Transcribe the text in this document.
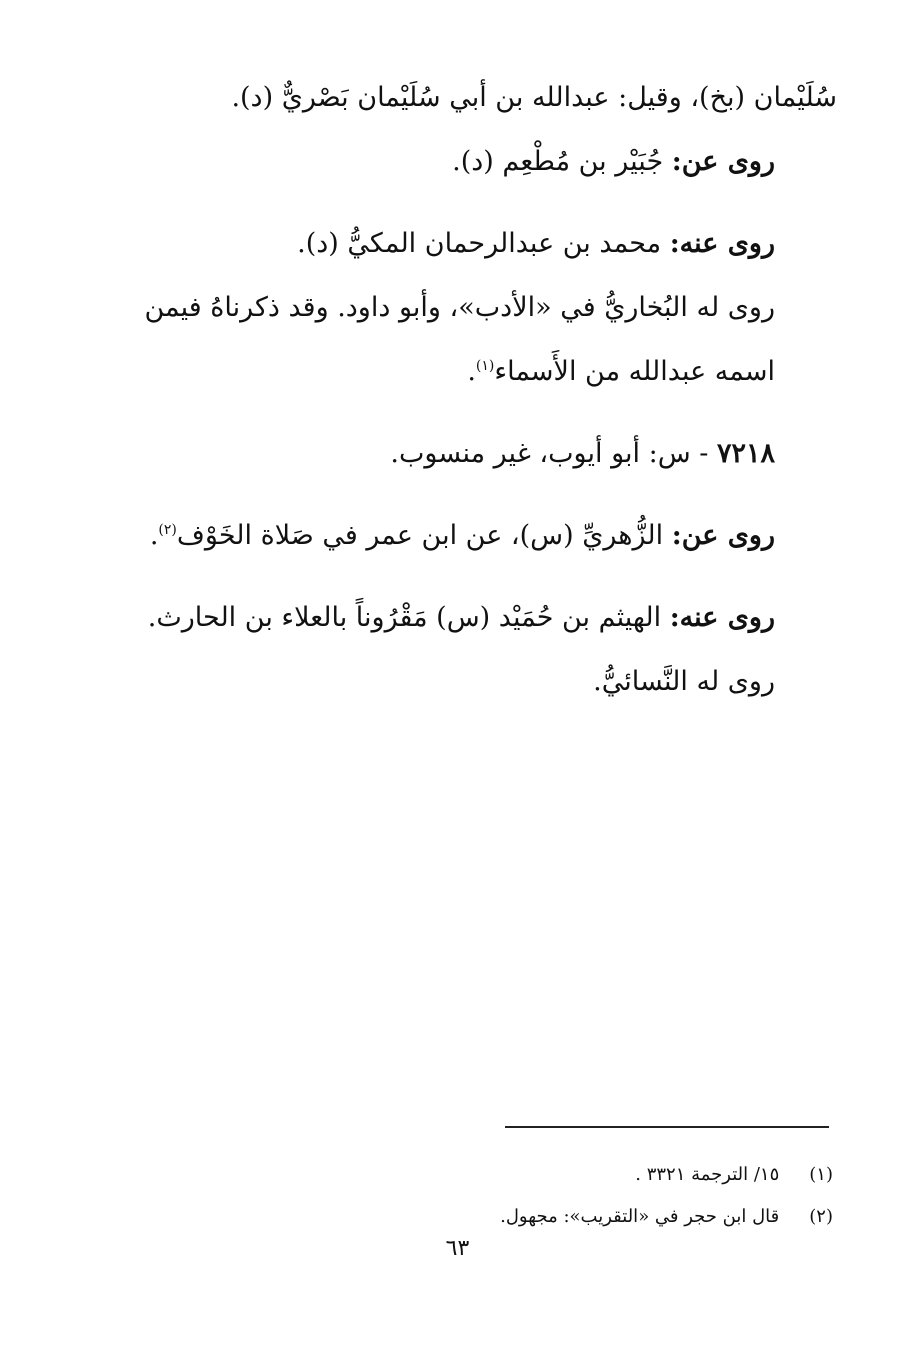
سُلَيْمان (بخ)، وقيل: عبدالله بن أبي سُلَيْمان بَصْريٌّ (د).
روى عن: جُبَيْر بن مُطْعِم (د).
روى عنه: محمد بن عبدالرحمان المكيُّ (د).
روى له البُخاريُّ في «الأدب»، وأبو داود. وقد ذكرناهُ فيمن اسمه عبدالله من الأَسماء$^{(١)}$.
٧٢١٨ - س: أبو أيوب، غير منسوب.
روى عن: الزُّهريِّ (س)، عن ابن عمر في صَلاة الخَوْف$^{(٢)}$.
روى عنه: الهيثم بن حُمَيْد (س) مَقْرُوناً بالعلاء بن الحارث.
روى له النَّسائيُّ.
(١) ١٥/ الترجمة ٣٣٢١ .
(٢) قال ابن حجر في «التقريب»: مجهول.
٦٣
